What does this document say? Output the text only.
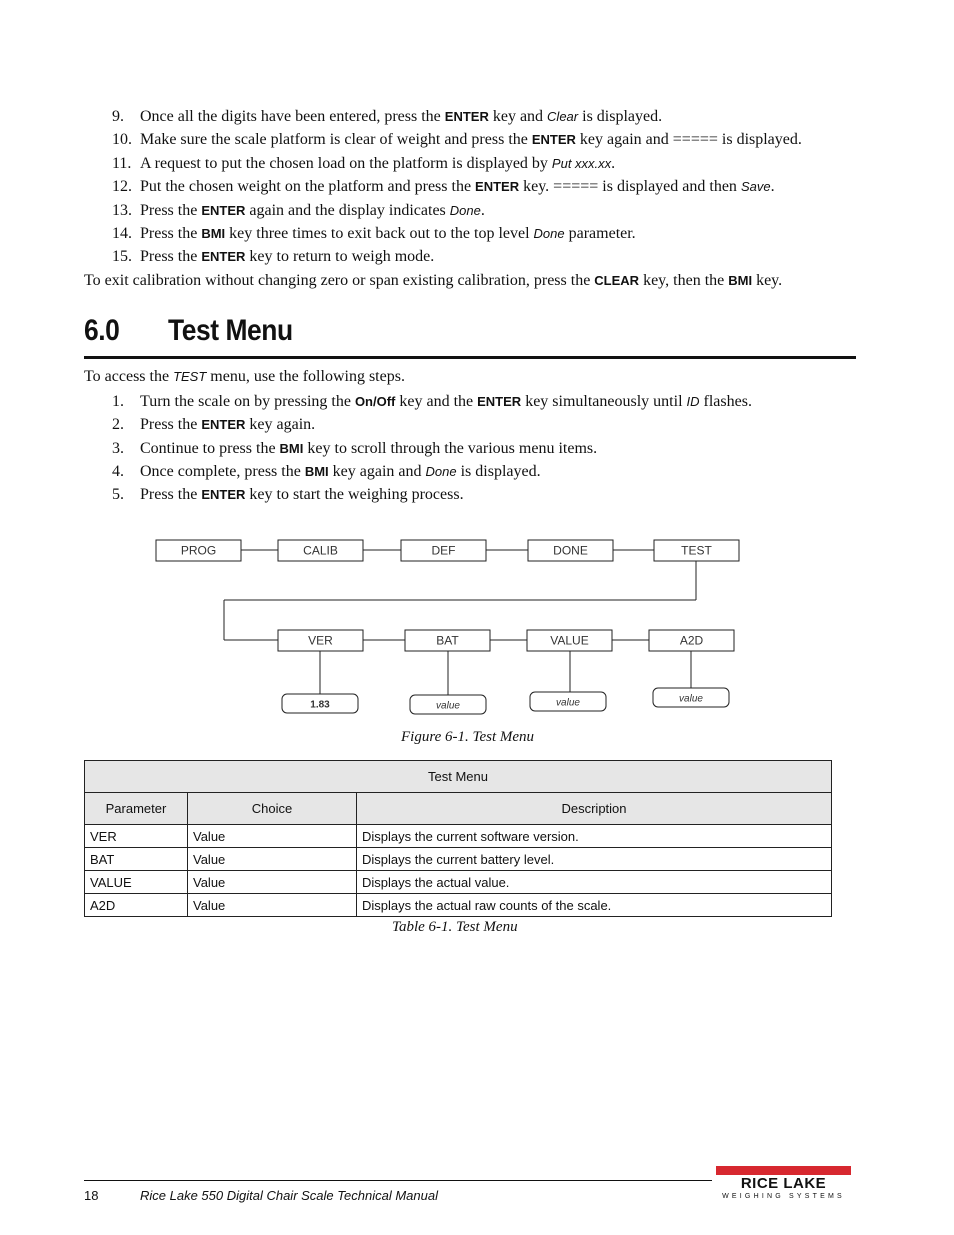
9. Once all the digits have been entered, press the ENTER key and Clear is displayed.
10. Make sure the scale platform is clear of weight and press the ENTER key again and ===== is displayed.
11. A request to put the chosen load on the platform is displayed by Put xxx.xx.
12. Put the chosen weight on the platform and press the ENTER key. ===== is displayed and then Save.
13. Press the ENTER again and the display indicates Done.
14. Press the BMI key three times to exit back out to the top level Done parameter.
15. Press the ENTER key to return to weigh mode.
To exit calibration without changing zero or span existing calibration, press the CLEAR key, then the BMI key.
6.0 Test Menu
To access the TEST menu, use the following steps.
1. Turn the scale on by pressing the On/Off key and the ENTER key simultaneously until ID flashes.
2. Press the ENTER key again.
3. Continue to press the BMI key to scroll through the various menu items.
4. Once complete, press the BMI key again and Done is displayed.
5. Press the ENTER key to start the weighing process.
PROG	CALIB	DEF	DONE	TEST
VER	BAT	VALUE	A2D
1.83	value	value	value
Figure 6-1. Test Menu
Test Menu		
Parameter	Choice	Description
VER	Value	Displays the current software version.
BAT	Value	Displays the current battery level.
VALUE	Value	Displays the actual value.
A2D	Value	Displays the actual raw counts of the scale.
Table 6-1. Test Menu
18	Rice Lake 550 Digital Chair Scale Technical Manual
RICE LAKE
WEIGHING SYSTEMS
